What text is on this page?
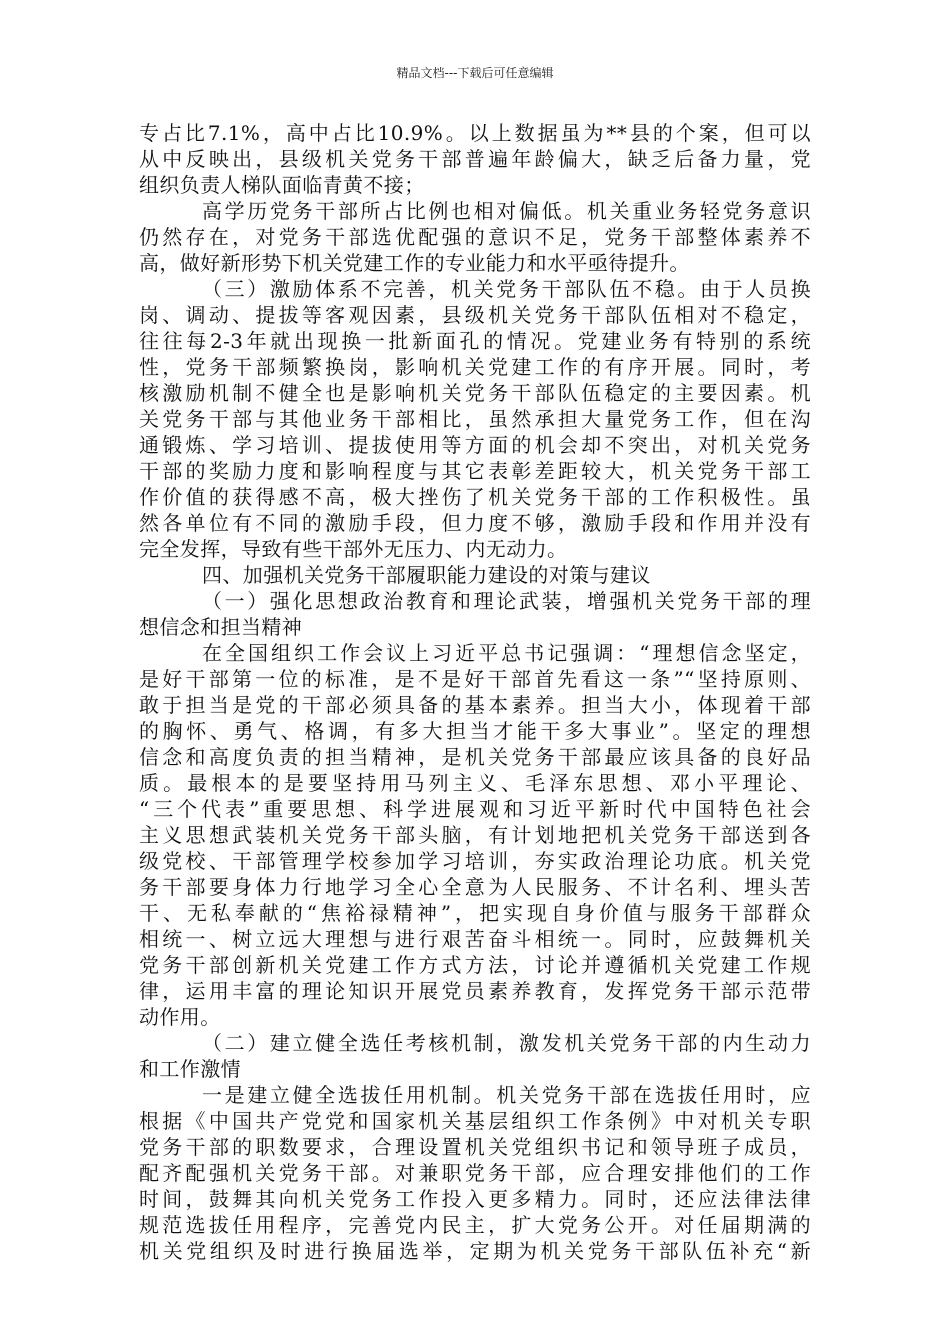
精品文档---下载后可任意编辑
专占比7.1%，高中占比10.9%。以上数据虽为**县的个案，但可以
从中反映出，县级机关党务干部普遍年龄偏大，缺乏后备力量，党
组织负责人梯队面临青黄不接；
高学历党务干部所占比例也相对偏低。机关重业务轻党务意识
仍然存在，对党务干部选优配强的意识不足，党务干部整体素养不
高，做好新形势下机关党建工作的专业能力和水平亟待提升。
（三）激励体系不完善，机关党务干部队伍不稳。由于人员换
岗、调动、提拔等客观因素，县级机关党务干部队伍相对不稳定，
往往每2-3年就出现换一批新面孔的情况。党建业务有特别的系统
性，党务干部频繁换岗，影响机关党建工作的有序开展。同时，考
核激励机制不健全也是影响机关党务干部队伍稳定的主要因素。机
关党务干部与其他业务干部相比，虽然承担大量党务工作，但在沟
通锻炼、学习培训、提拔使用等方面的机会却不突出，对机关党务
干部的奖励力度和影响程度与其它表彰差距较大，机关党务干部工
作价值的获得感不高，极大挫伤了机关党务干部的工作积极性。虽
然各单位有不同的激励手段，但力度不够，激励手段和作用并没有
完全发挥，导致有些干部外无压力、内无动力。
四、加强机关党务干部履职能力建设的对策与建议
（一）强化思想政治教育和理论武装，增强机关党务干部的理
想信念和担当精神
在全国组织工作会议上习近平总书记强调：“理想信念坚定，
是好干部第一位的标准，是不是好干部首先看这一条”“坚持原则、
敢于担当是党的干部必须具备的基本素养。担当大小，体现着干部
的胸怀、勇气、格调，有多大担当才能干多大事业”。坚定的理想
信念和高度负责的担当精神，是机关党务干部最应该具备的良好品
质。最根本的是要坚持用马列主义、毛泽东思想、邓小平理论、
“三个代表”重要思想、科学进展观和习近平新时代中国特色社会
主义思想武装机关党务干部头脑，有计划地把机关党务干部送到各
级党校、干部管理学校参加学习培训，夯实政治理论功底。机关党
务干部要身体力行地学习全心全意为人民服务、不计名利、埋头苦
干、无私奉献的“焦裕禄精神”，把实现自身价值与服务干部群众
相统一、树立远大理想与进行艰苦奋斗相统一。同时，应鼓舞机关
党务干部创新机关党建工作方式方法，讨论并遵循机关党建工作规
律，运用丰富的理论知识开展党员素养教育，发挥党务干部示范带
动作用。
（二）建立健全选任考核机制，激发机关党务干部的内生动力
和工作激情
一是建立健全选拔任用机制。机关党务干部在选拔任用时，应
根据《中国共产党党和国家机关基层组织工作条例》中对机关专职
党务干部的职数要求，合理设置机关党组织书记和领导班子成员，
配齐配强机关党务干部。对兼职党务干部，应合理安排他们的工作
时间，鼓舞其向机关党务工作投入更多精力。同时，还应法律法律
规范选拔任用程序，完善党内民主，扩大党务公开。对任届期满的
机关党组织及时进行换届选举，定期为机关党务干部队伍补充“新
